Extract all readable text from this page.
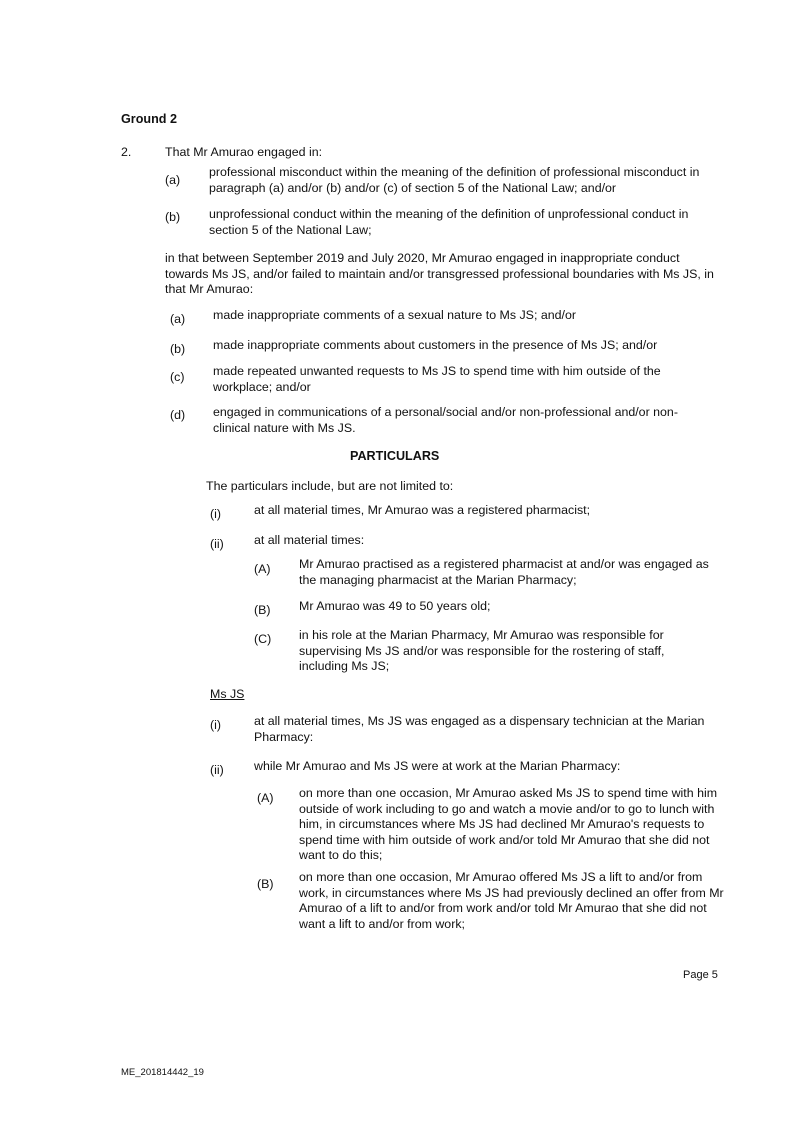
Ground 2

2.	That Mr Amurao engaged in:

(a)

professional misconduct within the meaning of the definition of professional misconduct in paragraph (a) and/or (b) and/or (c) of section 5 of the National Law; and/or

(b) unprofessional conduct within the meaning of the definition of unprofessional conduct in section 5 of the National Law;

in that between September 2019 and July 2020, Mr Amurao engaged in inappropriate conduct towards Ms JS, and/or failed to maintain and/or transgressed professional boundaries with Ms JS, in that Mr Amurao:

(a) made inappropriate comments of a sexual nature to Ms JS; and/or

(b) made inappropriate comments about customers in the presence of Ms JS; and/or

(c) made repeated unwanted requests to Ms JS to spend time with him outside of the workplace; and/or

(d) engaged in communications of a personal/social and/or non-professional and/or non-clinical nature with Ms JS.

PARTICULARS

The particulars include, but are not limited to:

(i)	at all material times, Mr Amurao was a registered pharmacist;

(ii) at all material times:

(A) Mr Amurao practised as a registered pharmacist at and/or was engaged as the managing pharmacist at the Marian Pharmacy;

(B) Mr Amurao was 49 to 50 years old;

(C) in his role at the Marian Pharmacy, Mr Amurao was responsible for supervising Ms JS and/or was responsible for the rostering of staff, including Ms JS;

Ms JS

(i)	at all material times, Ms JS was engaged as a dispensary technician at the Marian Pharmacy:

(ii) while Mr Amurao and Ms JS were at work at the Marian Pharmacy:

(A) on more than one occasion, Mr Amurao asked Ms JS to spend time with him outside of work including to go and watch a movie and/or to go to lunch with him, in circumstances where Ms JS had declined Mr Amurao's requests to spend time with him outside of work and/or told Mr Amurao that she did not want to do this;

(B) on more than one occasion, Mr Amurao offered Ms JS a lift to and/or from work, in circumstances where Ms JS had previously declined an offer from Mr Amurao of a lift to and/or from work and/or told Mr Amurao that she did not want a lift to and/or from work;

Page 5

ME_201814442_19
